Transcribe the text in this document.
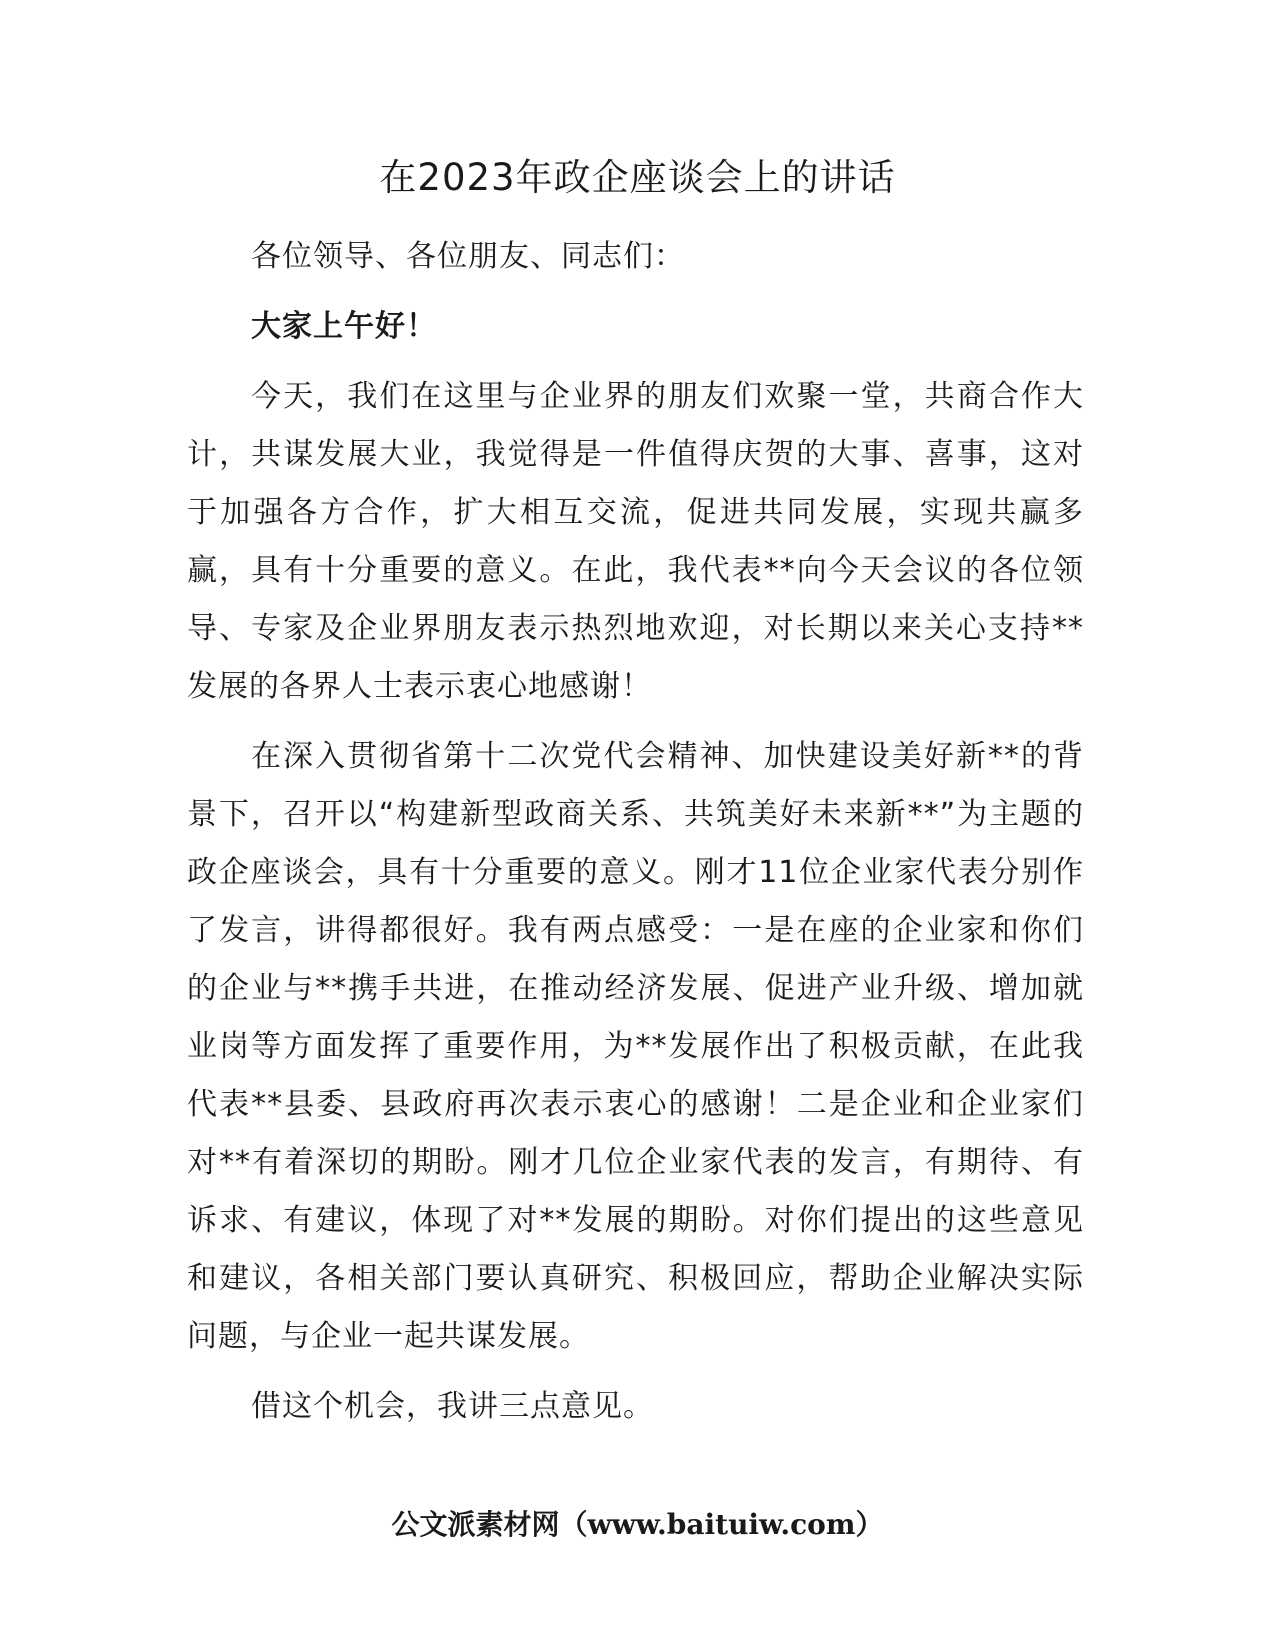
在2023年政企座谈会上的讲话

各位领导、各位朋友、同志们：

大家上午好！

今天，我们在这里与企业界的朋友们欢聚一堂，共商合作大计，共谋发展大业，我觉得是一件值得庆贺的大事、喜事，这对于加强各方合作，扩大相互交流，促进共同发展，实现共赢多赢，具有十分重要的意义。在此，我代表**向今天会议的各位领导、专家及企业界朋友表示热烈地欢迎，对长期以来关心支持**发展的各界人士表示衷心地感谢！

在深入贯彻省第十二次党代会精神、加快建设美好新**的背景下，召开以“构建新型政商关系、共筑美好未来新**”为主题的政企座谈会，具有十分重要的意义。刚才11位企业家代表分别作了发言，讲得都很好。我有两点感受：一是在座的企业家和你们的企业与**携手共进，在推动经济发展、促进产业升级、增加就业岗等方面发挥了重要作用，为**发展作出了积极贡献，在此我代表**县委、县政府再次表示衷心的感谢！二是企业和企业家们对**有着深切的期盼。刚才几位企业家代表的发言，有期待、有诉求、有建议，体现了对**发展的期盼。对你们提出的这些意见和建议，各相关部门要认真研究、积极回应，帮助企业解决实际问题，与企业一起共谋发展。

借这个机会，我讲三点意见。

公文派素材网（www.baituiw.com）
